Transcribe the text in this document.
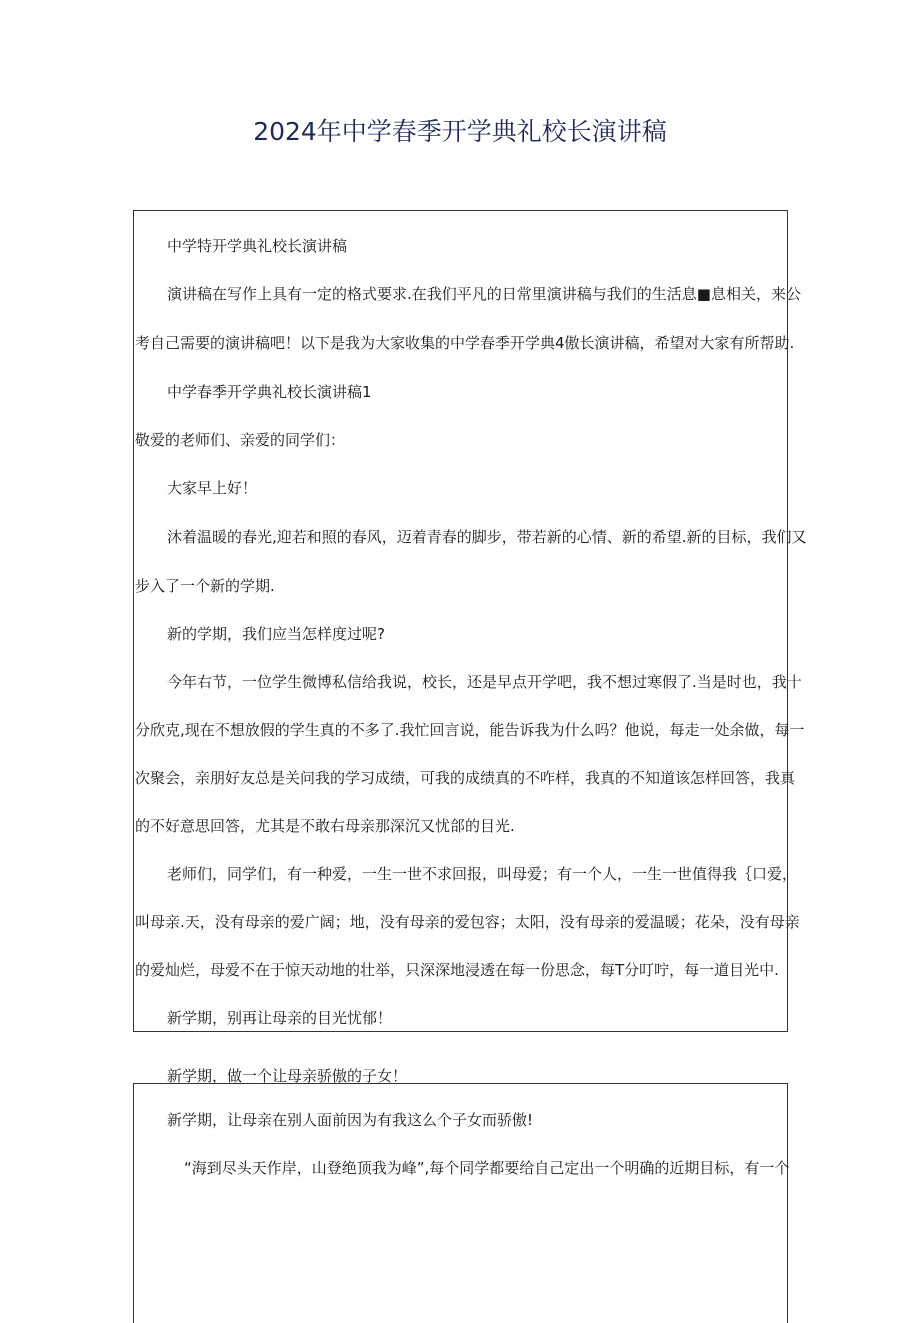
2024年中学春季开学典礼校长演讲稿
中学特开学典礼校长演讲稿
演讲稿在写作上具有一定的格式要求.在我们平凡的日常里演讲稿与我们的生活息■息相关，来公
考自己需要的演讲稿吧！以下是我为大家收集的中学春季开学典4傲长演讲稿，希望对大家有所帮助.
中学春季开学典礼校长演讲稿1
敬爱的老师们、亲爱的同学们：
大家早上好！
沐着温暖的春光,迎若和照的春风，迈着青春的脚步，带若新的心情、新的希望.新的目标，我们又
步入了一个新的学期.
新的学期，我们应当怎样度过呢?
今年右节，一位学生微博私信给我说，校长，还是早点开学吧，我不想过寒假了.当是时也，我十
分欣克,现在不想放假的学生真的不多了.我忙回言说，能告诉我为什么吗？他说，每走一处余做，每一
次聚会，亲朋好友总是关问我的学习成绩，可我的成绩真的不咋样，我真的不知道该怎样回答，我真
的不好意思回答，尤其是不敢右母亲那深沉又忧郃的目光.
老师们，同学们，有一种爱，一生一世不求回报，叫母爱；有一个人，一生一世值得我｛口爱，
叫母亲.天，没有母亲的爱广阔；地，没有母亲的爱包容；太阳，没有母亲的爱温暖；花朵，没有母亲
的爱灿烂，母爱不在于惊天动地的壮举，只深深地浸透在每一份思念，每T分叮咛，每一道目光中.
新学期，别再让母亲的目光忧郁！
新学期，做一个让母亲骄傲的子女！
新学期，让母亲在别人面前因为有我这么个子女而骄傲!
“海到尽头天作岸，山登绝顶我为峰”,每个同学都要给自己定出一个明确的近期目标，有一个
